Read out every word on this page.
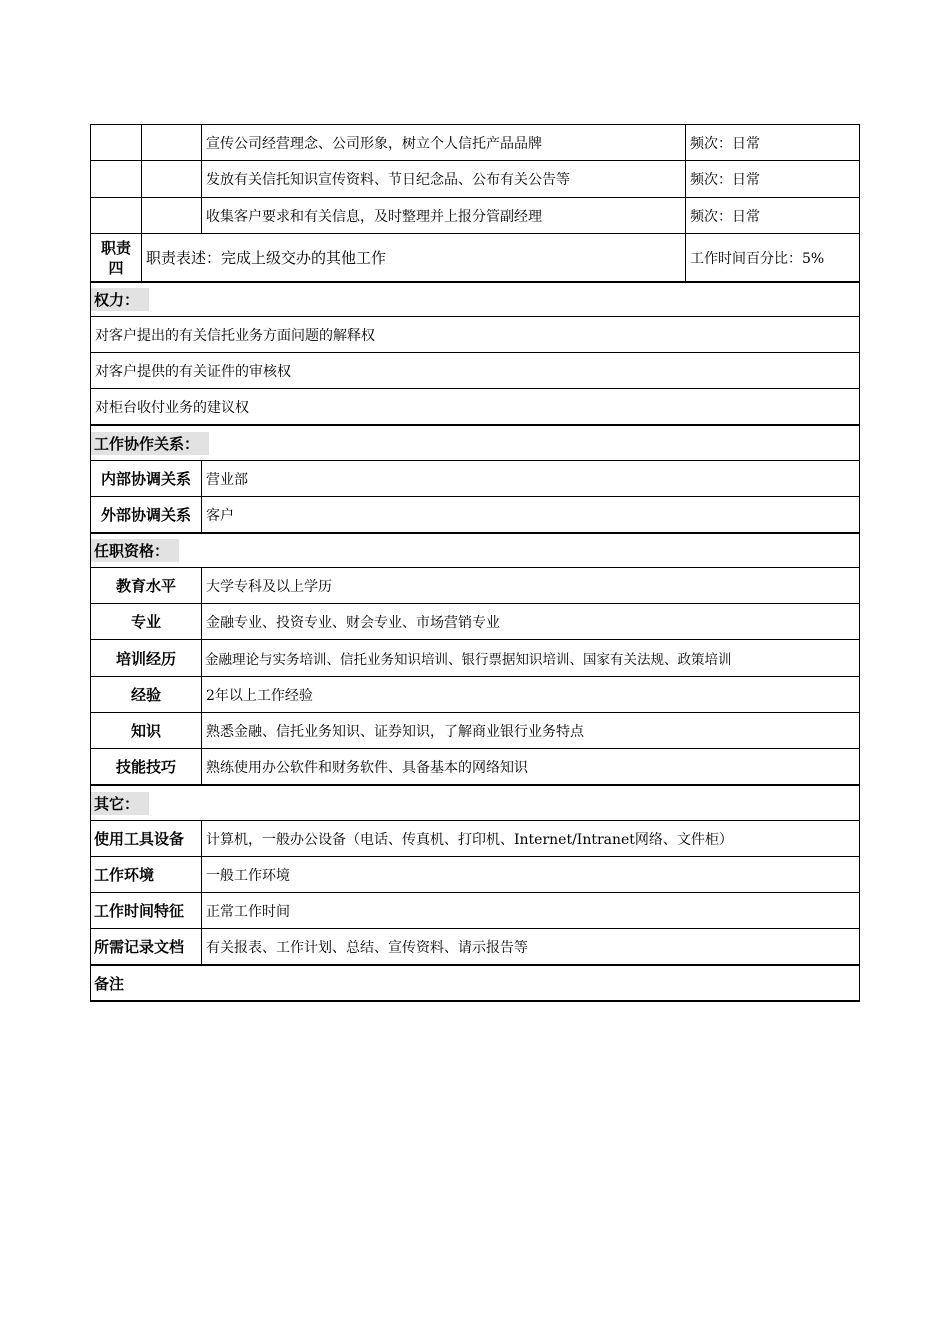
宣传公司经营理念、公司形象，树立个人信托产品品牌	频次：日常
发放有关信托知识宣传资料、节日纪念品、公布有关公告等	频次：日常
收集客户要求和有关信息，及时整理并上报分管副经理	频次：日常
职责
四
职责表述：完成上级交办的其他工作	工作时间百分比：5%
权力：
对客户提出的有关信托业务方面问题的解释权
对客户提供的有关证件的审核权
对柜台收付业务的建议权
工作协作关系：
内部协调关系	营业部
外部协调关系	客户
任职资格：
教育水平	大学专科及以上学历
专业	金融专业、投资专业、财会专业、市场营销专业
培训经历	金融理论与实务培训、信托业务知识培训、银行票据知识培训、国家有关法规、政策培训
经验	2年以上工作经验
知识	熟悉金融、信托业务知识、证券知识，了解商业银行业务特点
技能技巧	熟练使用办公软件和财务软件、具备基本的网络知识
其它：
使用工具设备	计算机，一般办公设备（电话、传真机、打印机、Internet/Intranet网络、文件柜）
工作环境	一般工作环境
工作时间特征	正常工作时间
所需记录文档	有关报表、工作计划、总结、宣传资料、请示报告等
备注
